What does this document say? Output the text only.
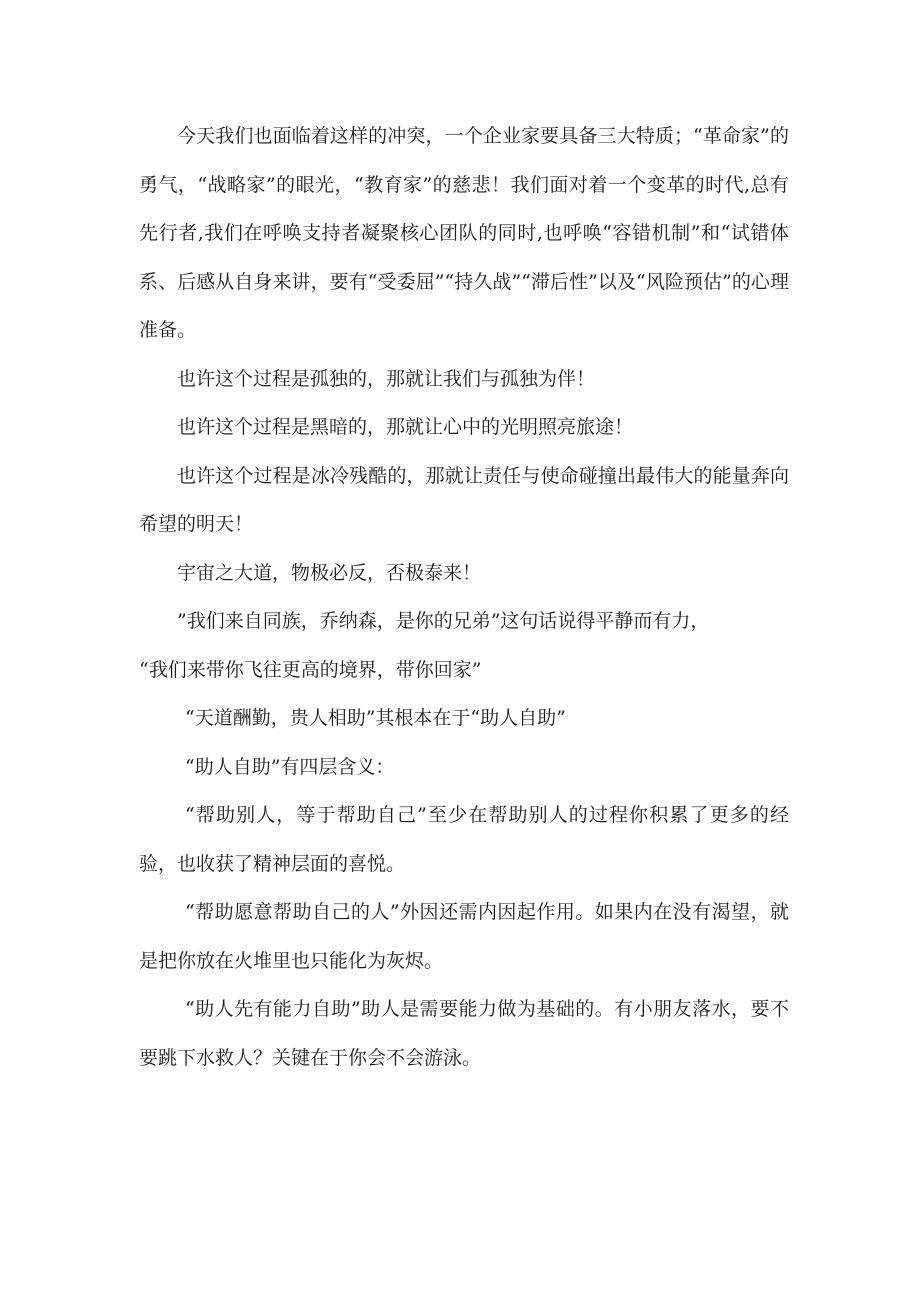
今天我们也面临着这样的冲突，一个企业家要具备三大特质；“革命家”的勇气，“战略家”的眼光，“教育家”的慈悲！我们面对着一个变革的时代,总有先行者,我们在呼唤支持者凝聚核心团队的同时,也呼唤“容错机制”和“试错体系、后感从自身来讲，要有“受委屈”“持久战”“滞后性”以及“风险预估”的心理准备。

也许这个过程是孤独的，那就让我们与孤独为伴！

也许这个过程是黑暗的，那就让心中的光明照亮旅途！

也许这个过程是冰冷残酷的，那就让责任与使命碰撞出最伟大的能量奔向希望的明天！

宇宙之大道，物极必反，否极泰来！

”我们来自同族，乔纳森，是你的兄弟”这句话说得平静而有力，

“我们来带你飞往更高的境界，带你回家”

“天道酬勤，贵人相助”其根本在于“助人自助”

“助人自助”有四层含义：

“帮助别人，等于帮助自己”至少在帮助别人的过程你积累了更多的经验，也收获了精神层面的喜悦。

“帮助愿意帮助自己的人”外因还需内因起作用。如果内在没有渴望，就是把你放在火堆里也只能化为灰烬。

“助人先有能力自助”助人是需要能力做为基础的。有小朋友落水，要不要跳下水救人？关键在于你会不会游泳。
